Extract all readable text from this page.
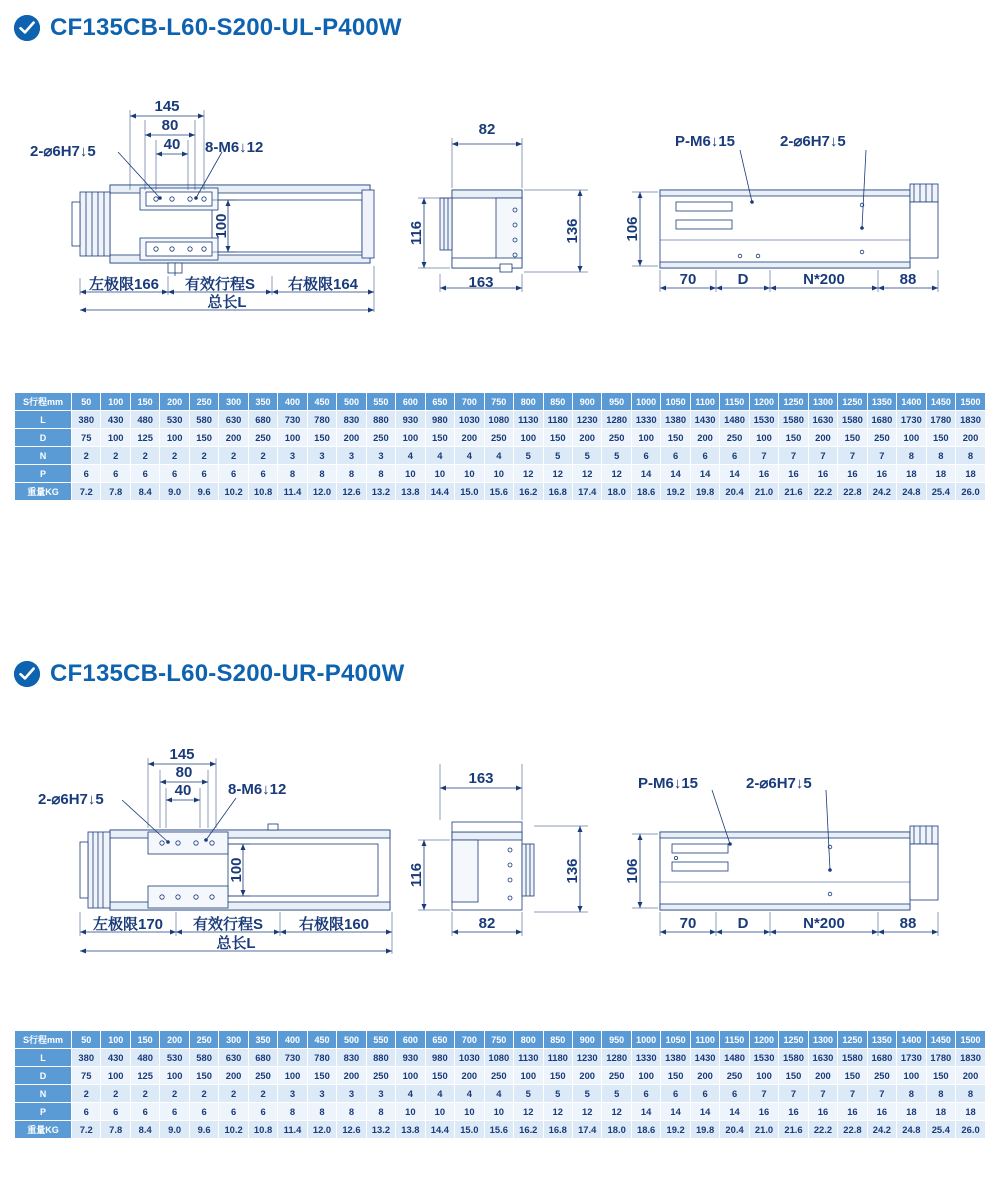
CF135CB-L60-S200-UL-P400W
145
80
40
82
163	70	D	N*200	88
100	116	136	106
2-⌀6H7↓5	8-M6↓12	P-M6↓15	2-⌀6H7↓5
左极限166 有效行程S 右极限164
总长L
S行程mm	50	100	150	200	250	300	350	400	450	500	550	600	650	700	750	800	850	900	950	1000	1050	1100	1150	1200	1250	1300	1250	1350	1400	1450	1500
L	380	430	480	530	580	630	680	730	780	830	880	930	980	1030	1080	1130	1180	1230	1280	1330	1380	1430	1480	1530	1580	1630	1580	1680	1730	1780	1830
D	75	100	125	100	150	200	250	100	150	200	250	100	150	200	250	100	150	200	250	100	150	200	250	100	150	200	150	250	100	150	200
N	2	2	2	2	2	2	2	3	3	3	3	4	4	4	4	5	5	5	5	6	6	6	6	7	7	7	7	7	8	8	8
P	6	6	6	6	6	6	6	8	8	8	8	10	10	10	10	12	12	12	12	14	14	14	14	16	16	16	16	16	18	18	18
重量KG	7.2	7.8	8.4	9.0	9.6	10.2	10.8	11.4	12.0	12.6	13.2	13.8	14.4	15.0	15.6	16.2	16.8	17.4	18.0	18.6	19.2	19.8	20.4	21.0	21.6	22.2	22.8	24.2	24.8	25.4	26.0
CF135CB-L60-S200-UR-P400W
145
80
40
163
82	70	D	N*200	88
100	116	136	106
2-⌀6H7↓5
8-M6↓12	P-M6↓15	2-⌀6H7↓5
左极限170 有效行程S 右极限160
总长L
S行程mm	50	100	150	200	250	300	350	400	450	500	550	600	650	700	750	800	850	900	950	1000	1050	1100	1150	1200	1250	1300	1250	1350	1400	1450	1500
L	380	430	480	530	580	630	680	730	780	830	880	930	980	1030	1080	1130	1180	1230	1280	1330	1380	1430	1480	1530	1580	1630	1580	1680	1730	1780	1830
D	75	100	125	100	150	200	250	100	150	200	250	100	150	200	250	100	150	200	250	100	150	200	250	100	150	200	150	250	100	150	200
N	2	2	2	2	2	2	2	3	3	3	3	4	4	4	4	5	5	5	5	6	6	6	6	7	7	7	7	7	8	8	8
P	6	6	6	6	6	6	6	8	8	8	8	10	10	10	10	12	12	12	12	14	14	14	14	16	16	16	16	16	18	18	18
重量KG	7.2	7.8	8.4	9.0	9.6	10.2	10.8	11.4	12.0	12.6	13.2	13.8	14.4	15.0	15.6	16.2	16.8	17.4	18.0	18.6	19.2	19.8	20.4	21.0	21.6	22.2	22.8	24.2	24.8	25.4	26.0
